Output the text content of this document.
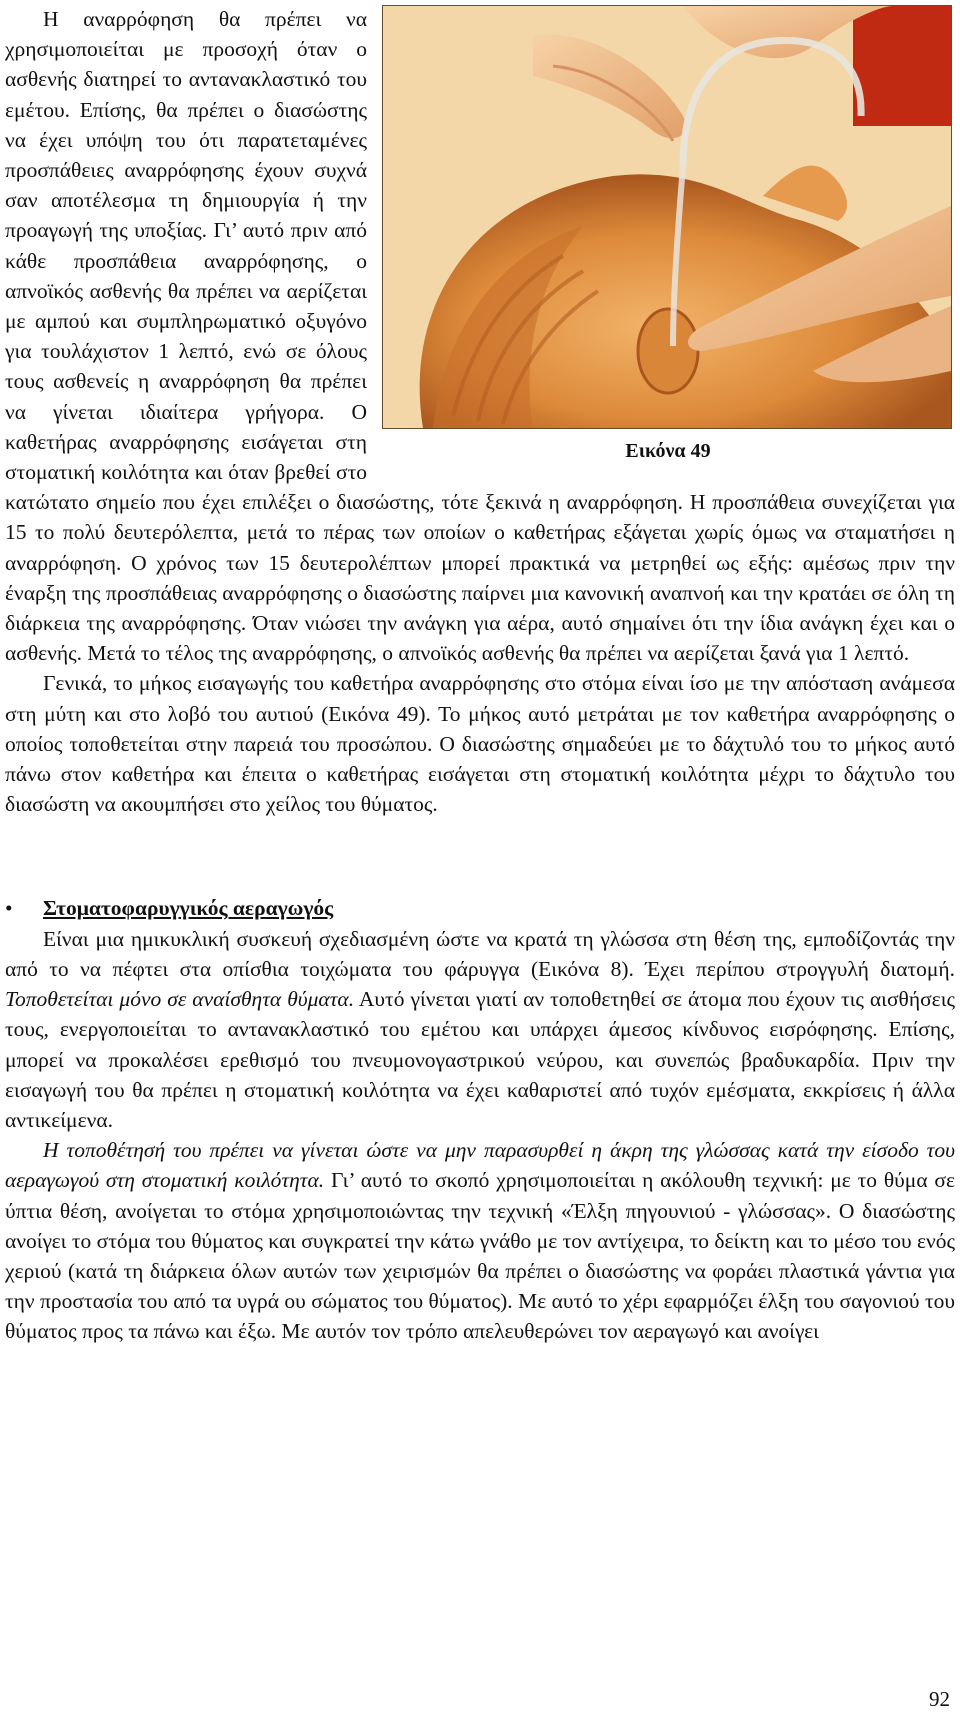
Εικόνα 49

Η αναρρόφηση θα πρέπει να χρησιμοποιείται με προσοχή όταν ο ασθενής διατηρεί το αντανακλαστικό του εμέτου. Επίσης, θα πρέπει ο διασώστης να έχει υπόψη του ότι παρατεταμένες προσπάθειες αναρρόφησης έχουν συχνά σαν αποτέλεσμα τη δημιουργία ή την προαγωγή της υποξίας. Γι’ αυτό πριν από κάθε προσπάθεια αναρρόφησης, ο απνοϊκός ασθενής θα πρέπει να αερίζεται με αμπού και συμπληρωματικό οξυγόνο για τουλάχιστον 1 λεπτό, ενώ σε όλους τους ασθενείς η αναρρόφηση θα πρέπει να γίνεται ιδιαίτερα γρήγορα. Ο καθετήρας αναρρόφησης εισάγεται στη στοματική κοιλότητα και όταν βρεθεί στο κατώτατο σημείο που έχει επιλέξει ο διασώστης, τότε ξεκινά η αναρρόφηση. Η προσπάθεια συνεχίζεται για 15 το πολύ δευτερόλεπτα, μετά το πέρας των οποίων ο καθετήρας εξάγεται χωρίς όμως να σταματήσει η αναρρόφηση. Ο χρόνος των 15 δευτερολέπτων μπορεί πρακτικά να μετρηθεί ως εξής: αμέσως πριν την έναρξη της προσπάθειας αναρρόφησης ο διασώστης παίρνει μια κανονική αναπνοή και την κρατάει σε όλη τη διάρκεια της αναρρόφησης. Όταν νιώσει την ανάγκη για αέρα, αυτό σημαίνει ότι την ίδια ανάγκη έχει και ο ασθενής. Μετά το τέλος της αναρρόφησης, ο απνοϊκός ασθενής θα πρέπει να αερίζεται ξανά για 1 λεπτό.

Γενικά, το μήκος εισαγωγής του καθετήρα αναρρόφησης στο στόμα είναι ίσο με την απόσταση ανάμεσα στη μύτη και στο λοβό του αυτιού (Εικόνα 49). Το μήκος αυτό μετράται με τον καθετήρα αναρρόφησης ο οποίος τοποθετείται στην παρειά του προσώπου. Ο διασώστης σημαδεύει με το δάχτυλό του το μήκος αυτό πάνω στον καθετήρα και έπειτα ο καθετήρας εισάγεται στη στοματική κοιλότητα μέχρι το δάχτυλο του διασώστη να ακουμπήσει στο χείλος του θύματος.

• Στοματοφαρυγγικός αεραγωγός

Είναι μια ημικυκλική συσκευή σχεδιασμένη ώστε να κρατά τη γλώσσα στη θέση της, εμποδίζοντάς την από το να πέφτει στα οπίσθια τοιχώματα του φάρυγγα (Εικόνα 8). Έχει περίπου στρογγυλή διατομή. Τοποθετείται μόνο σε αναίσθητα θύματα. Αυτό γίνεται γιατί αν τοποθετηθεί σε άτομα που έχουν τις αισθήσεις τους, ενεργοποιείται το αντανακλαστικό του εμέτου και υπάρχει άμεσος κίνδυνος εισρόφησης. Επίσης, μπορεί να προκαλέσει ερεθισμό του πνευμονογαστρικού νεύρου, και συνεπώς βραδυκαρδία. Πριν την εισαγωγή του θα πρέπει η στοματική κοιλότητα να έχει καθαριστεί από τυχόν εμέσματα, εκκρίσεις ή άλλα αντικείμενα.

Η τοποθέτησή του πρέπει να γίνεται ώστε να μην παρασυρθεί η άκρη της γλώσσας κατά την είσοδο του αεραγωγού στη στοματική κοιλότητα. Γι’ αυτό το σκοπό χρησιμοποιείται η ακόλουθη τεχνική: με το θύμα σε ύπτια θέση, ανοίγεται το στόμα χρησιμοποιώντας την τεχνική «Έλξη πηγουνιού - γλώσσας». Ο διασώστης ανοίγει το στόμα του θύματος και συγκρατεί την κάτω γνάθο με τον αντίχειρα, το δείκτη και το μέσο του ενός χεριού (κατά τη διάρκεια όλων αυτών των χειρισμών θα πρέπει ο διασώστης να φοράει πλαστικά γάντια για την προστασία του από τα υγρά ου σώματος του θύματος). Με αυτό το χέρι εφαρμόζει έλξη του σαγονιού του θύματος προς τα πάνω και έξω. Με αυτόν τον τρόπο απελευθερώνει τον αεραγωγό και ανοίγει

92
